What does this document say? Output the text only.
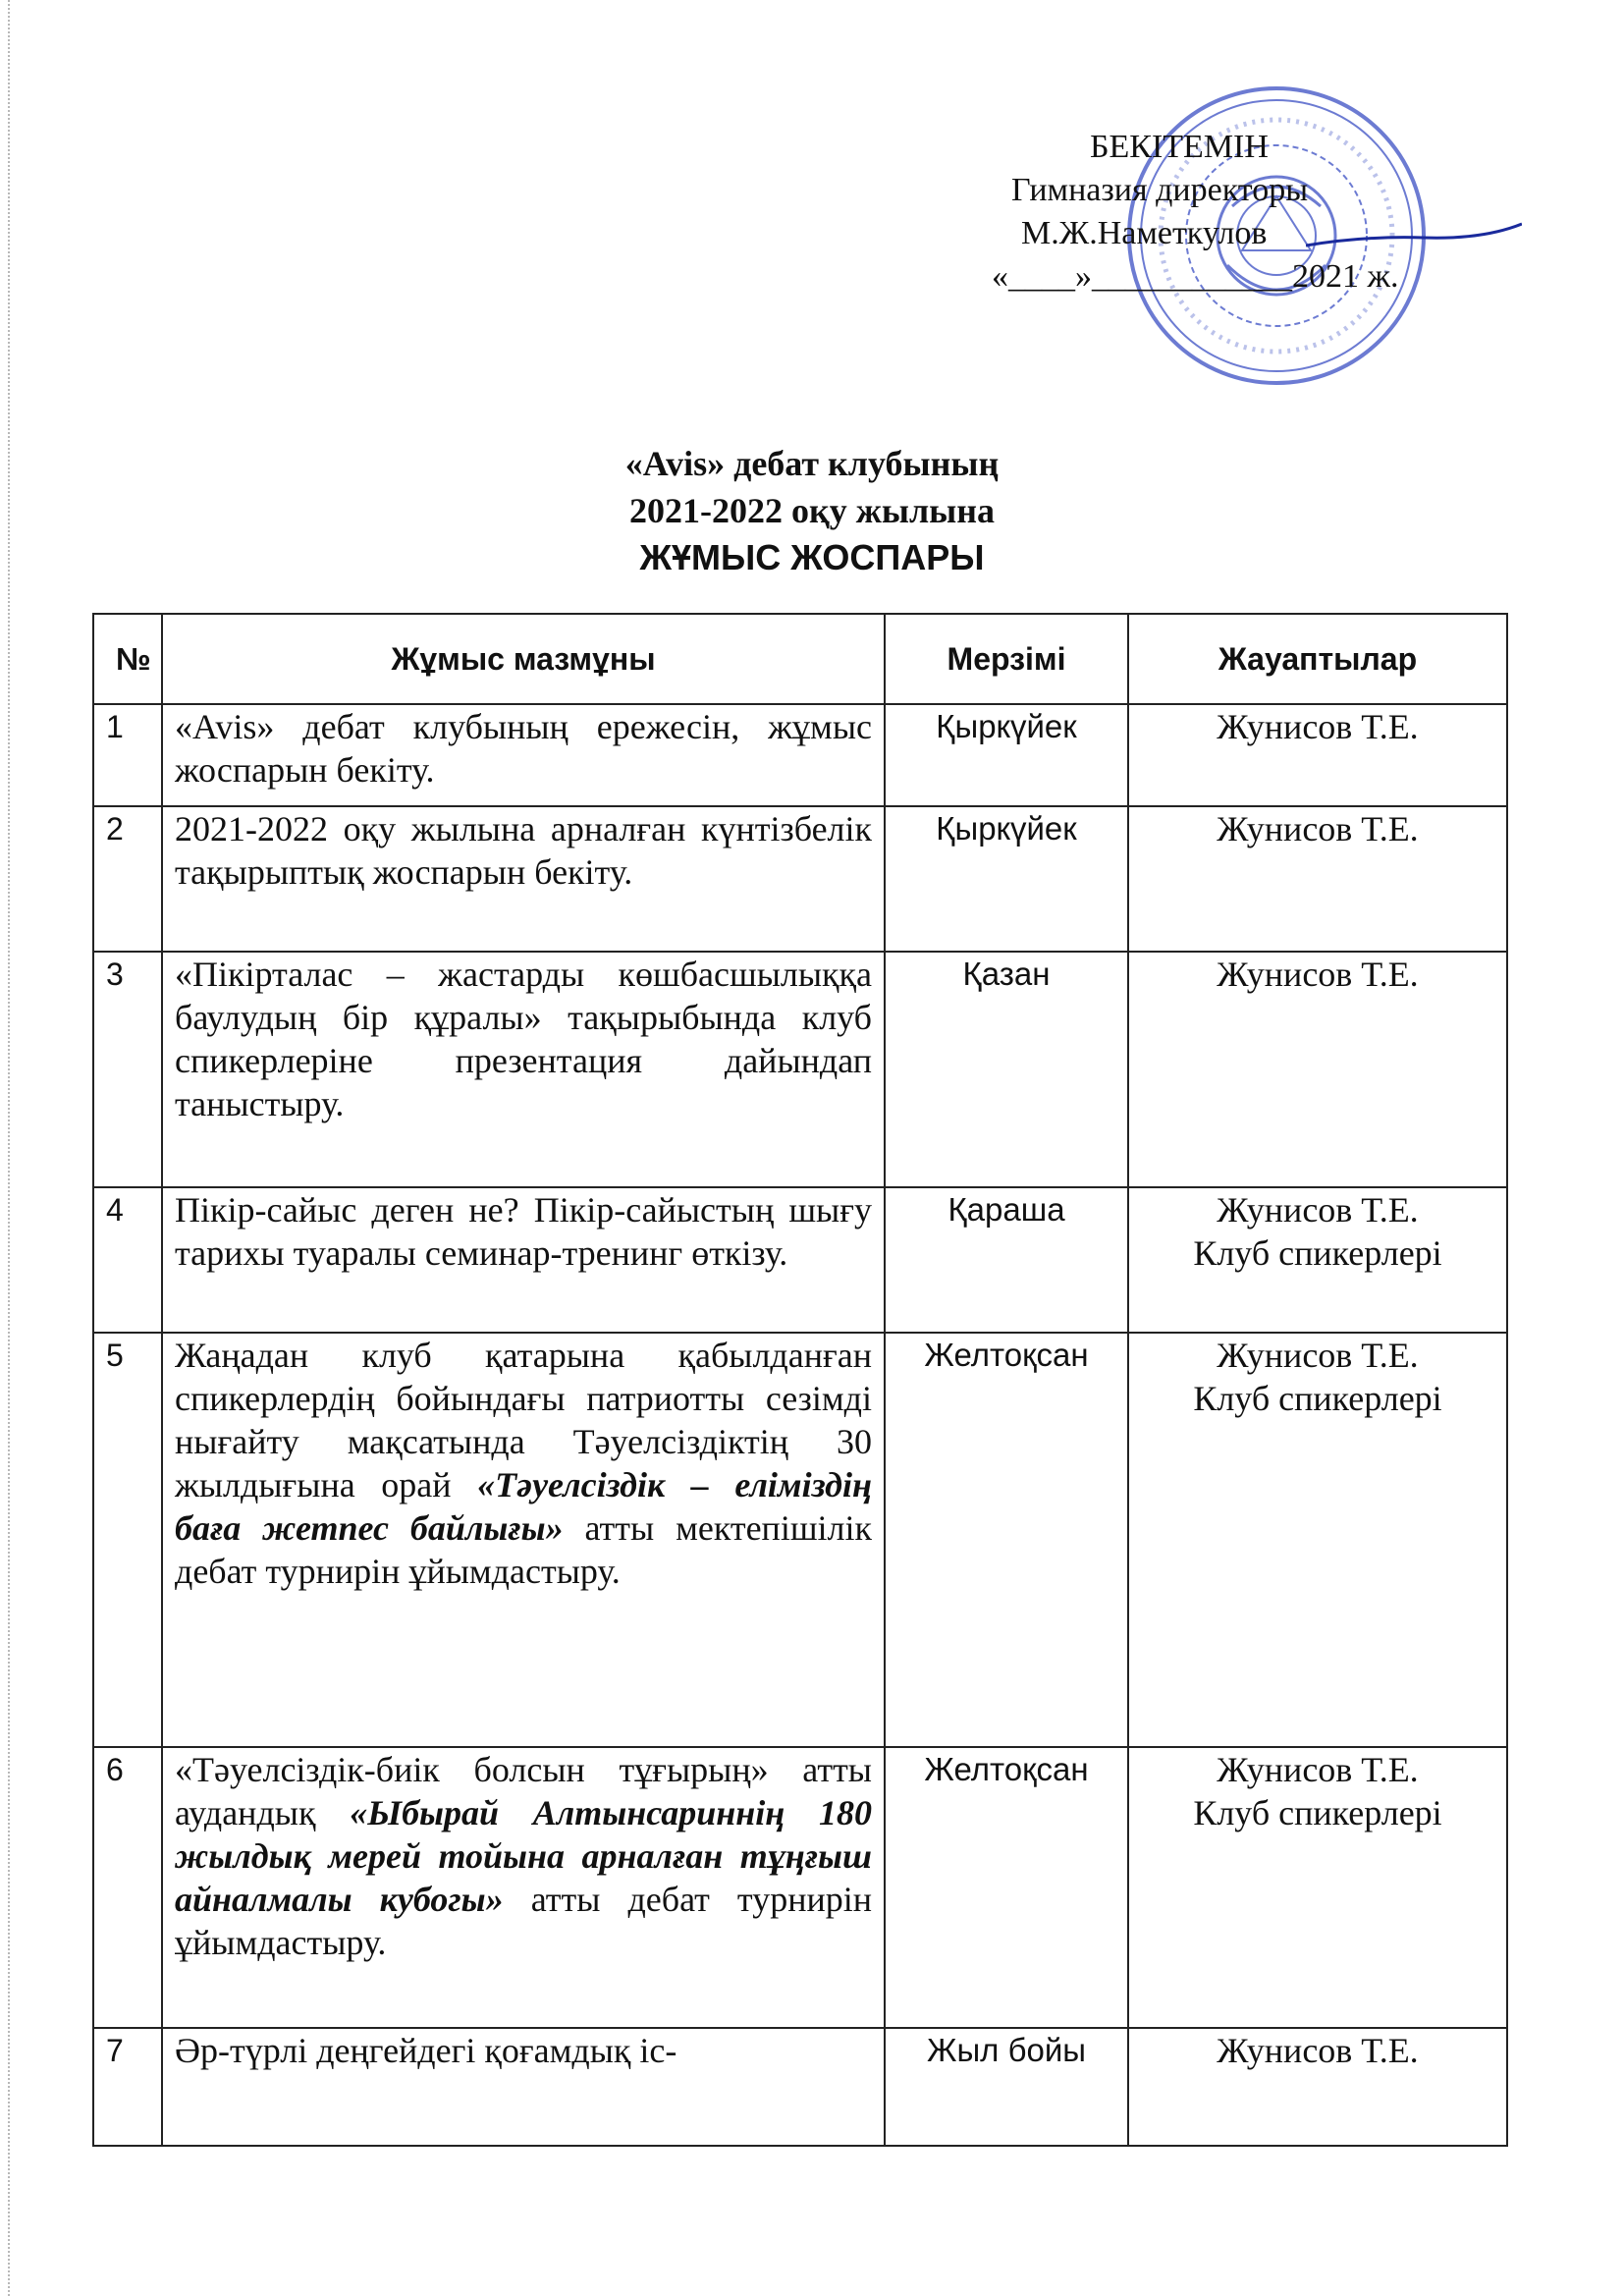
БЕКІТЕМІН
Гимназия директоры
М.Ж.Наметкулов
«____»____________2021 ж.
«Avis» дебат клубының
2021-2022 оқу жылына
ЖҰМЫС ЖОСПАРЫ
№	Жұмыс мазмұны	Мерзімі	Жауаптылар
1	«Avis» дебат клубының ережесін, жұмыс жоспарын бекіту.	Қыркүйек	Жунисов Т.Е.

2	2021-2022 оқу жылына арналған күнтізбелік тақырыптық жоспарын бекіту.	Қыркүйек	Жунисов Т.Е.

3	«Пікірталас – жастарды көшбасшылыққа баулудың бір құралы» тақырыбында клуб спикерлеріне презентация дайындап таныстыру.	Қазан	Жунисов Т.Е.

4	Пікір-сайыс деген не? Пікір-сайыстың шығу тарихы туаралы семинар-тренинг өткізу.	Қараша	Жунисов Т.Е.
Клуб спикерлері

5	Жаңадан клуб қатарына қабылданған спикерлердің бойындағы патриотты сезімді нығайту мақсатында Тәуелсіздіктің 30 жылдығына орай «Тәуелсіздік – еліміздің баға жетпес байлығы» атты мектепішілік дебат турнирін ұйымдастыру.	Желтоқсан	Жунисов Т.Е.
Клуб спикерлері

6	«Тәуелсіздік-биік болсын тұғырың» атты аудандық «Ыбырай Алтынсариннің 180 жылдық мерей тойына арналған тұңғыш айналмалы кубогы» атты дебат турнирін ұйымдастыру.	Желтоқсан	Жунисов Т.Е.
Клуб спикерлері

7	Әр-түрлі деңгейдегі қоғамдық іс-	Жыл бойы	Жунисов Т.Е.
